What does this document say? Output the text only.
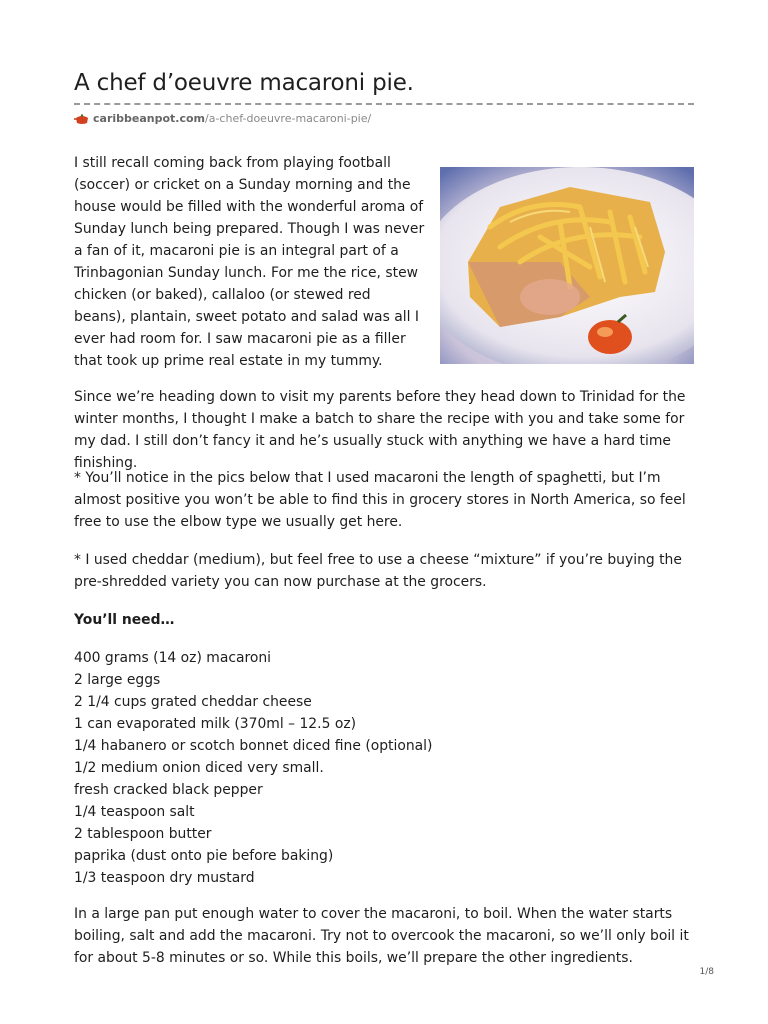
A chef d’oeuvre macaroni pie.
caribbeanpot.com /a-chef-doeuvre-macaroni-pie/

I still recall coming back from playing football (soccer) or cricket on a Sunday morning and the house would be filled with the wonderful aroma of Sunday lunch being prepared. Though I was never a fan of it, macaroni pie is an integral part of a Trinbagonian Sunday lunch. For me the rice, stew chicken (or baked), callaloo (or stewed red beans), plantain, sweet potato and salad was all I ever had room for. I saw macaroni pie as a filler that took up prime real estate in my tummy.

Since we’re heading down to visit my parents before they head down to Trinidad for the winter months, I thought I make a batch to share the recipe with you and take some for my dad. I still don’t fancy it and he’s usually stuck with anything we have a hard time finishing.

* You’ll notice in the pics below that I used macaroni the length of spaghetti, but I’m almost positive you won’t be able to find this in grocery stores in North America, so feel free to use the elbow type we usually get here.

* I used cheddar (medium), but feel free to use a cheese “mixture” if you’re buying the pre-shredded variety you can now purchase at the grocers.

You’ll need…

400 grams (14 oz) macaroni
2 large eggs
2 1/4 cups grated cheddar cheese
1 can evaporated milk (370ml – 12.5 oz)
1/4 habanero or scotch bonnet diced fine (optional)
1/2 medium onion diced very small.
fresh cracked black pepper
1/4 teaspoon salt
2 tablespoon butter
paprika (dust onto pie before baking)
1/3 teaspoon dry mustard

In a large pan put enough water to cover the macaroni, to boil. When the water starts boiling, salt and add the macaroni. Try not to overcook the macaroni, so we’ll only boil it for about 5-8 minutes or so. While this boils, we’ll prepare the other ingredients.

1/8
